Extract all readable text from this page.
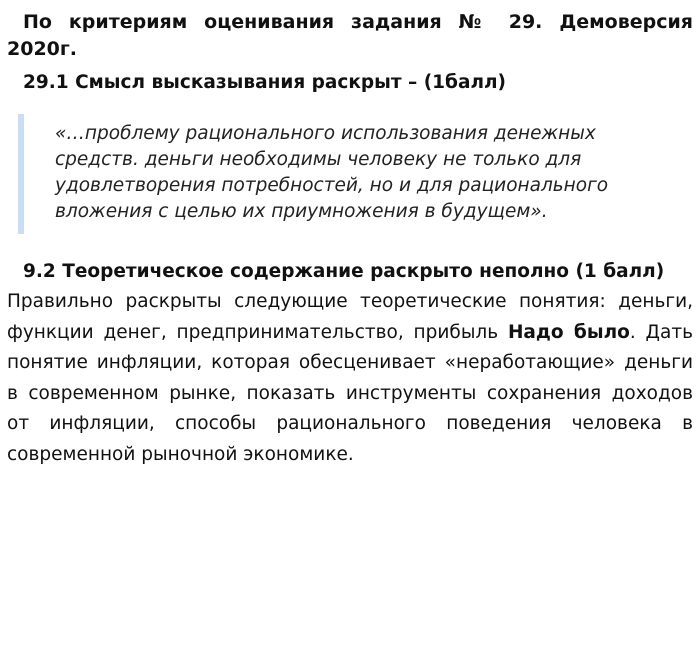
По критериям оценивания задания № 29. Демоверсия 2020г.

29.1 Смысл высказывания раскрыт – (1балл)

«…проблему рационального использования денежных средств. деньги необходимы человеку не только для удовлетворения потребностей, но и для рационального вложения с целью их приумножения в будущем».

9.2 Теоретическое содержание раскрыто неполно (1 балл)

Правильно раскрыты следующие теоретические понятия: деньги, функции денег, предпринимательство, прибыль Надо было. Дать понятие инфляции, которая обесценивает «неработающие» деньги в современном рынке, показать инструменты сохранения доходов от инфляции, способы рационального поведения человека в современной рыночной экономике.
